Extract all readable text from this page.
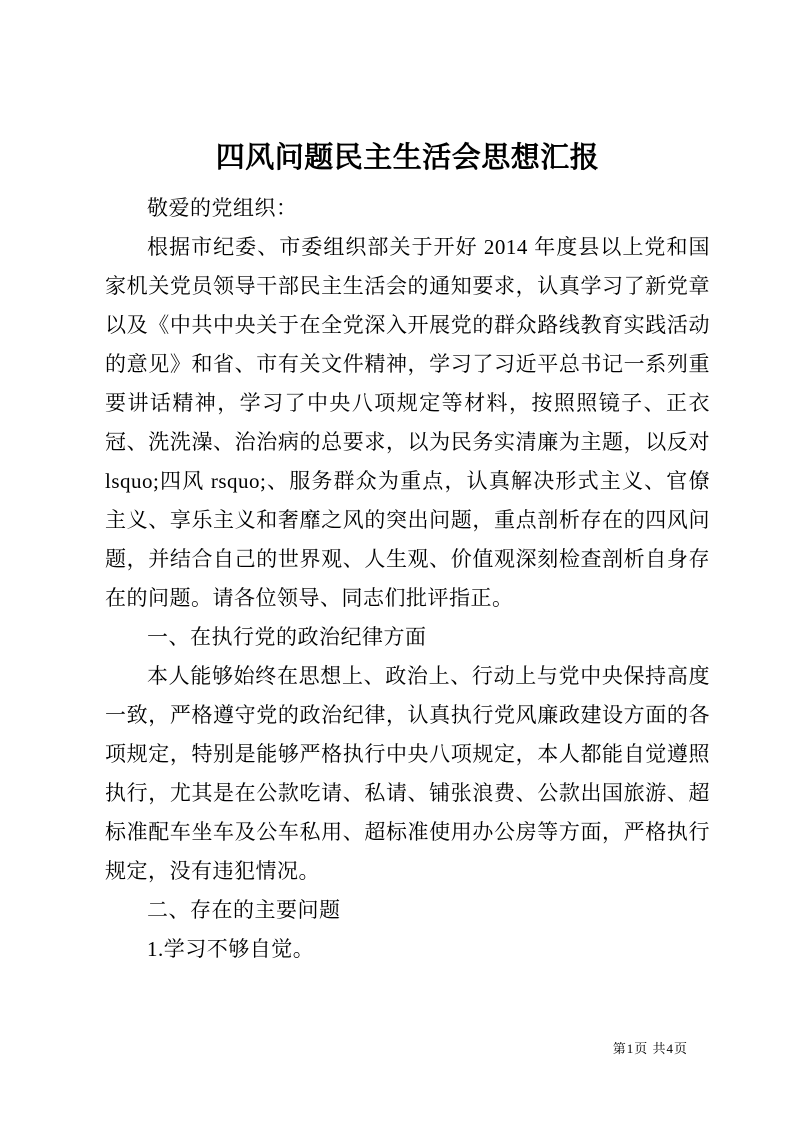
四风问题民主生活会思想汇报

敬爱的党组织：

根据市纪委、市委组织部关于开好 2014 年度县以上党和国家机关党员领导干部民主生活会的通知要求，认真学习了新党章以及《中共中央关于在全党深入开展党的群众路线教育实践活动的意见》和省、市有关文件精神，学习了习近平总书记一系列重要讲话精神，学习了中央八项规定等材料，按照照镜子、正衣冠、洗洗澡、治治病的总要求，以为民务实清廉为主题，以反对 lsquo;四风 rsquo;、服务群众为重点，认真解决形式主义、官僚主义、享乐主义和奢靡之风的突出问题，重点剖析存在的四风问题，并结合自己的世界观、人生观、价值观深刻检查剖析自身存在的问题。请各位领导、同志们批评指正。

一、在执行党的政治纪律方面

本人能够始终在思想上、政治上、行动上与党中央保持高度一致，严格遵守党的政治纪律，认真执行党风廉政建设方面的各项规定，特别是能够严格执行中央八项规定，本人都能自觉遵照执行，尤其是在公款吃请、私请、铺张浪费、公款出国旅游、超标准配车坐车及公车私用、超标准使用办公房等方面，严格执行规定，没有违犯情况。

二、存在的主要问题

1.学习不够自觉。

第1页 共4页
